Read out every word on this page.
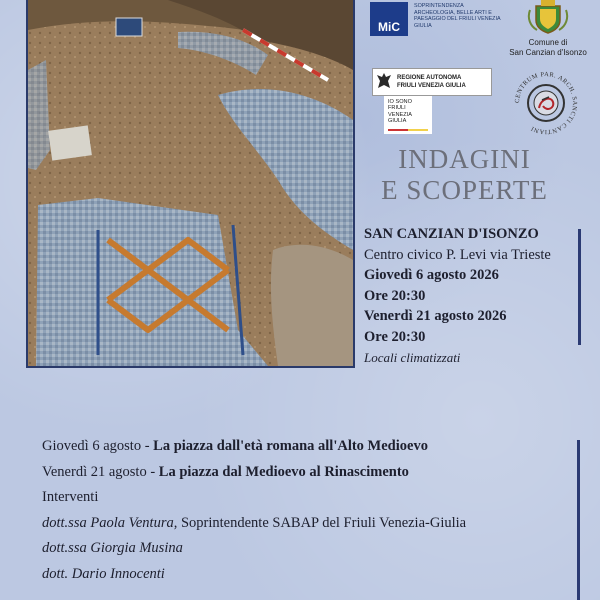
MiC
SOPRINTENDENZA ARCHEOLOGIA, BELLE ARTI E PAESAGGIO DEL FRIULI VENEZIA GIULIA
Comune di
San Canzian d'Isonzo
REGIONE AUTONOMA
FRIULI VENEZIA GIULIA
IO SONO
FRIULI
VENEZIA
GIULIA
CENTRUM PAR. ARCH. SANCTI CANTIANI
INDAGINI
E SCOPERTE
SAN CANZIAN D'ISONZO
Centro civico P. Levi via Trieste
Giovedì 6 agosto 2026
Ore 20:30
Venerdì 21 agosto 2026
Ore 20:30
Locali climatizzati
Giovedì 6 agosto - La piazza dall'età romana all'Alto Medioevo
Venerdì 21 agosto - La piazza dal Medioevo al Rinascimento
Interventi
dott.ssa Paola Ventura, Soprintendente SABAP del Friuli Venezia-Giulia
dott.ssa Giorgia Musina
dott. Dario Innocenti
